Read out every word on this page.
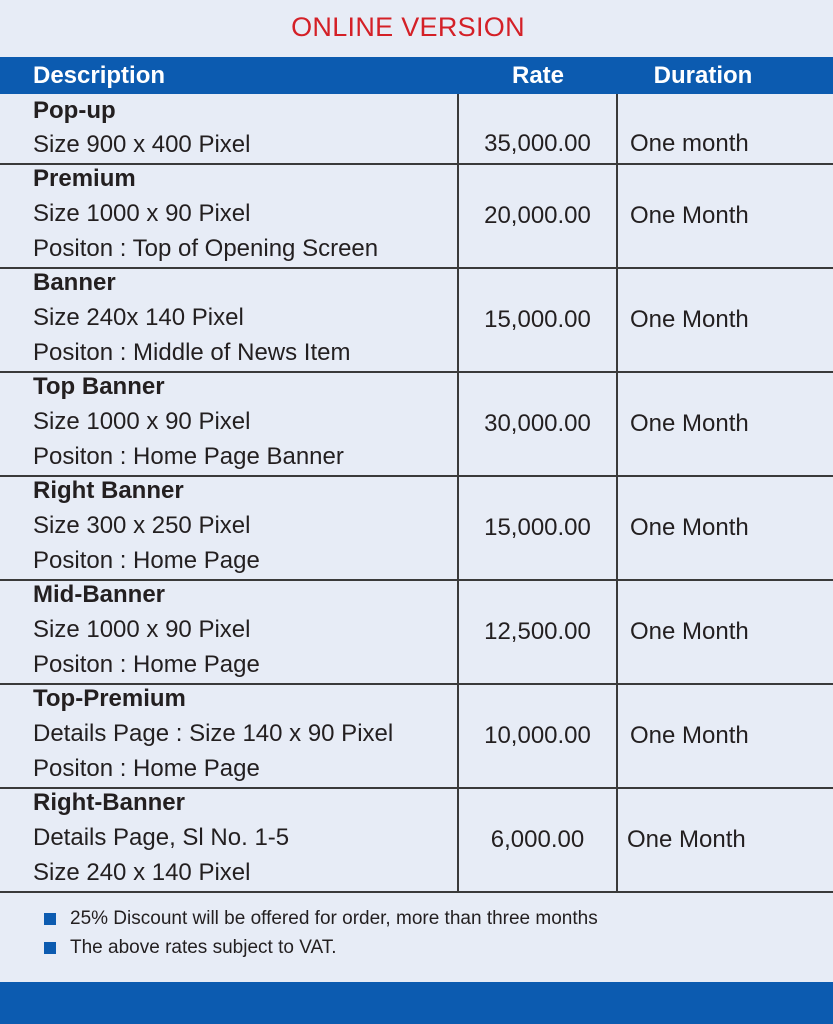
ONLINE VERSION
Description	Rate	Duration
Pop-up
Size 900 x 400 Pixel	35,000.00 One month
Premium
Size 1000 x 90 Pixel
Positon : Top of Opening Screen
20,000.00 One Month
Banner
Size 240x 140 Pixel
Positon : Middle of News Item
15,000.00 One Month
Top Banner
Size 1000 x 90 Pixel
Positon : Home Page Banner
30,000.00 One Month
Right Banner
Size 300 x 250 Pixel
Positon : Home Page
15,000.00 One Month
Mid-Banner
Size 1000 x 90 Pixel
Positon : Home Page
12,500.00 One Month
Top-Premium
Details Page : Size 140 x 90 Pixel
Positon : Home Page
10,000.00 One Month
Right-Banner
Details Page, Sl No. 1-5
Size 240 x 140 Pixel
6,000.00 One Month
25% Discount will be offered for order, more than three months
The above rates subject to VAT.
